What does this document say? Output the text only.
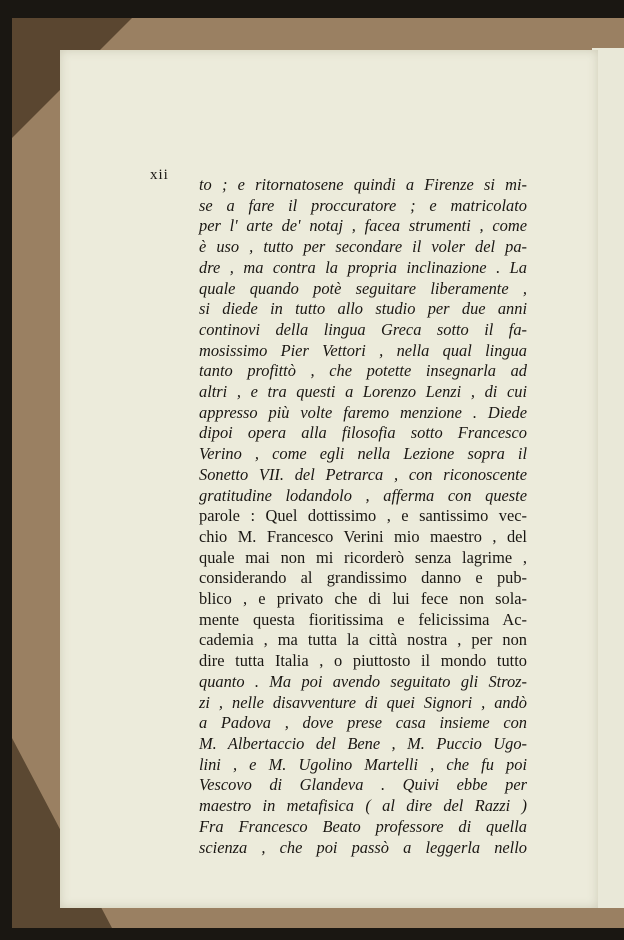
xii to ; e ritornatosene quindi a Firenze si mi-
se a fare il proccuratore ; e matricolato
per l' arte de' notaj , facea strumenti , come
è uso , tutto per secondare il voler del pa-
dre , ma contra la propria inclinazione . La
quale quando potè seguitare liberamente ,
si diede in tutto allo studio per due anni
continovi della lingua Greca sotto il fa-
mosissimo Pier Vettori , nella qual lingua
tanto profittò , che potette insegnarla ad
altri , e tra questi a Lorenzo Lenzi , di cui
appresso più volte faremo menzione . Diede
dipoi opera alla filosofia sotto Francesco
Verino , come egli nella Lezione sopra il
Sonetto VII. del Petrarca , con riconoscente
gratitudine lodandolo , afferma con queste
parole : Quel dottissimo , e santissimo vec-
chio M. Francesco Verini mio maestro , del
quale mai non mi ricorderò senza lagrime ,
considerando al grandissimo danno e pub-
blico , e privato che di lui fece non sola-
mente questa fioritissima e felicissima Ac-
cademia , ma tutta la città nostra , per non
dire tutta Italia , o piuttosto il mondo tutto
quanto . Ma poi avendo seguitato gli Stroz-
zi , nelle disavventure di quei Signori , andò
a Padova , dove prese casa insieme con
M. Albertaccio del Bene , M. Puccio Ugo-
lini , e M. Ugolino Martelli , che fu poi
Vescovo di Glandeva . Quivi ebbe per
maestro in metafisica ( al dire del Razzi )
Fra Francesco Beato professore di quella
scienza , che poi passò a leggerla nello
